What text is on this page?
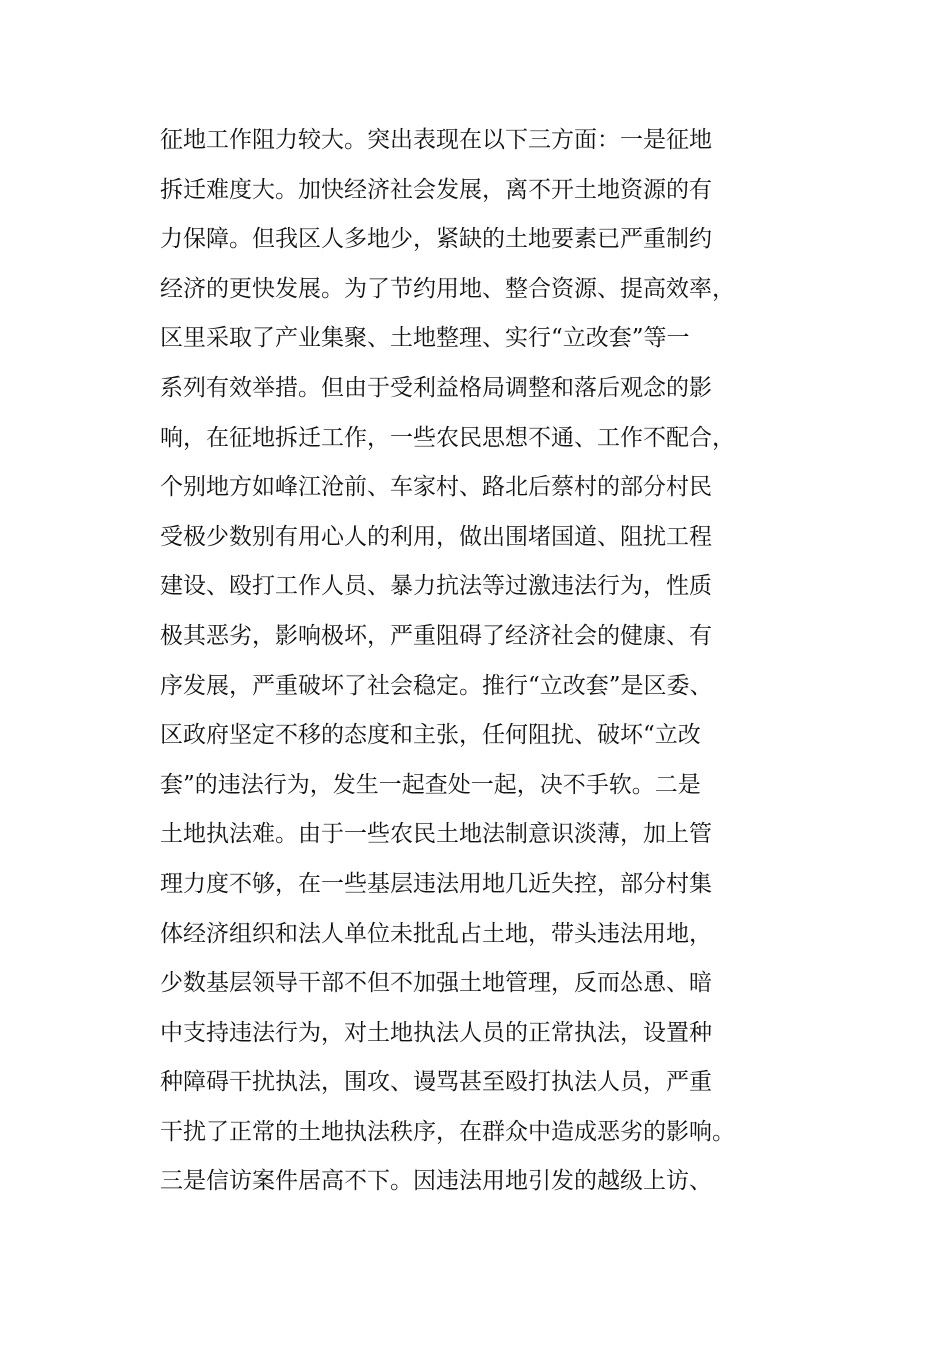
征地工作阻力较大。突出表现在以下三方面：一是征地
拆迁难度大。加快经济社会发展，离不开土地资源的有
力保障。但我区人多地少，紧缺的土地要素已严重制约
经济的更快发展。为了节约用地、整合资源、提高效率，
区里采取了产业集聚、土地整理、实行“立改套”等一
系列有效举措。但由于受利益格局调整和落后观念的影
响，在征地拆迁工作，一些农民思想不通、工作不配合，
个别地方如峰江沧前、车家村、路北后蔡村的部分村民
受极少数别有用心人的利用，做出围堵国道、阻扰工程
建设、殴打工作人员、暴力抗法等过激违法行为，性质
极其恶劣，影响极坏，严重阻碍了经济社会的健康、有
序发展，严重破坏了社会稳定。推行“立改套”是区委、
区政府坚定不移的态度和主张，任何阻扰、破坏“立改
套”的违法行为，发生一起查处一起，决不手软。二是
土地执法难。由于一些农民土地法制意识淡薄，加上管
理力度不够，在一些基层违法用地几近失控，部分村集
体经济组织和法人单位未批乱占土地，带头违法用地，
少数基层领导干部不但不加强土地管理，反而怂恿、暗
中支持违法行为，对土地执法人员的正常执法，设置种
种障碍干扰执法，围攻、谩骂甚至殴打执法人员，严重
干扰了正常的土地执法秩序，在群众中造成恶劣的影响。
三是信访案件居高不下。因违法用地引发的越级上访、
